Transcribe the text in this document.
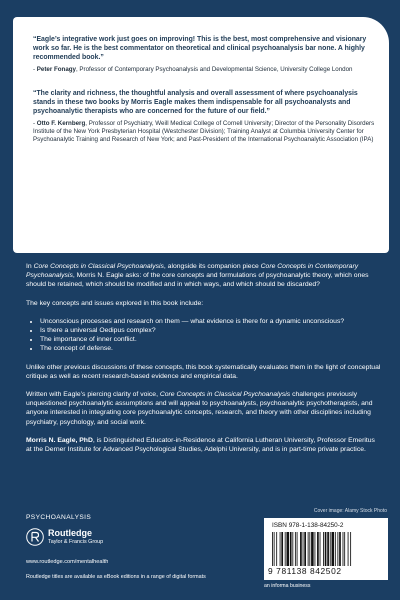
“Eagle’s integrative work just goes on improving! This is the best, most comprehensive and visionary work so far. He is the best commentator on theoretical and clinical psychoanalysis bar none. A highly recommended book.”

- Peter Fonagy, Professor of Contemporary Psychoanalysis and Developmental Science, University College London

“The clarity and richness, the thoughtful analysis and overall assessment of where psychoanalysis stands in these two books by Morris Eagle makes them indispensable for all psychoanalysts and psychoanalytic therapists who are concerned for the future of our field.”

- Otto F. Kernberg, Professor of Psychiatry, Weill Medical College of Cornell University; Director of the Personality Disorders Institute of the New York Presbyterian Hospital (Westchester Division); Training Analyst at Columbia University Center for Psychoanalytic Training and Research of New York; and Past-President of the International Psychoanalytic Association (IPA)

In Core Concepts in Classical Psychoanalysis, alongside its companion piece Core Concepts in Contemporary Psychoanalysis, Morris N. Eagle asks: of the core concepts and formulations of psychoanalytic theory, which ones should be retained, which should be modified and in which ways, and which should be discarded?

The key concepts and issues explored in this book include:

• Unconscious processes and research on them — what evidence is there for a dynamic unconscious?
• Is there a universal Oedipus complex?
• The importance of inner conflict.
• The concept of defense.

Unlike other previous discussions of these concepts, this book systematically evaluates them in the light of conceptual critique as well as recent research-based evidence and empirical data.

Written with Eagle’s piercing clarity of voice, Core Concepts in Classical Psychoanalysis challenges previously unquestioned psychoanalytic assumptions and will appeal to psychoanalysts, psychoanalytic psychotherapists, and anyone interested in integrating core psychoanalytic concepts, research, and theory with other disciplines including psychiatry, psychology, and social work.

Morris N. Eagle, PhD, is Distinguished Educator-in-Residence at California Lutheran University, Professor Emeritus at the Derner Institute for Advanced Psychological Studies, Adelphi University, and is in part-time private practice.

PSYCHOANALYSIS
Routledge
Taylor & Francis Group
www.routledge.com/mentalhealth
Routledge titles are available as eBook editions in a range of digital formats
Cover image: Alamy Stock Photo
ISBN 978-1-138-84250-2
9 781138 842502
an informa business
